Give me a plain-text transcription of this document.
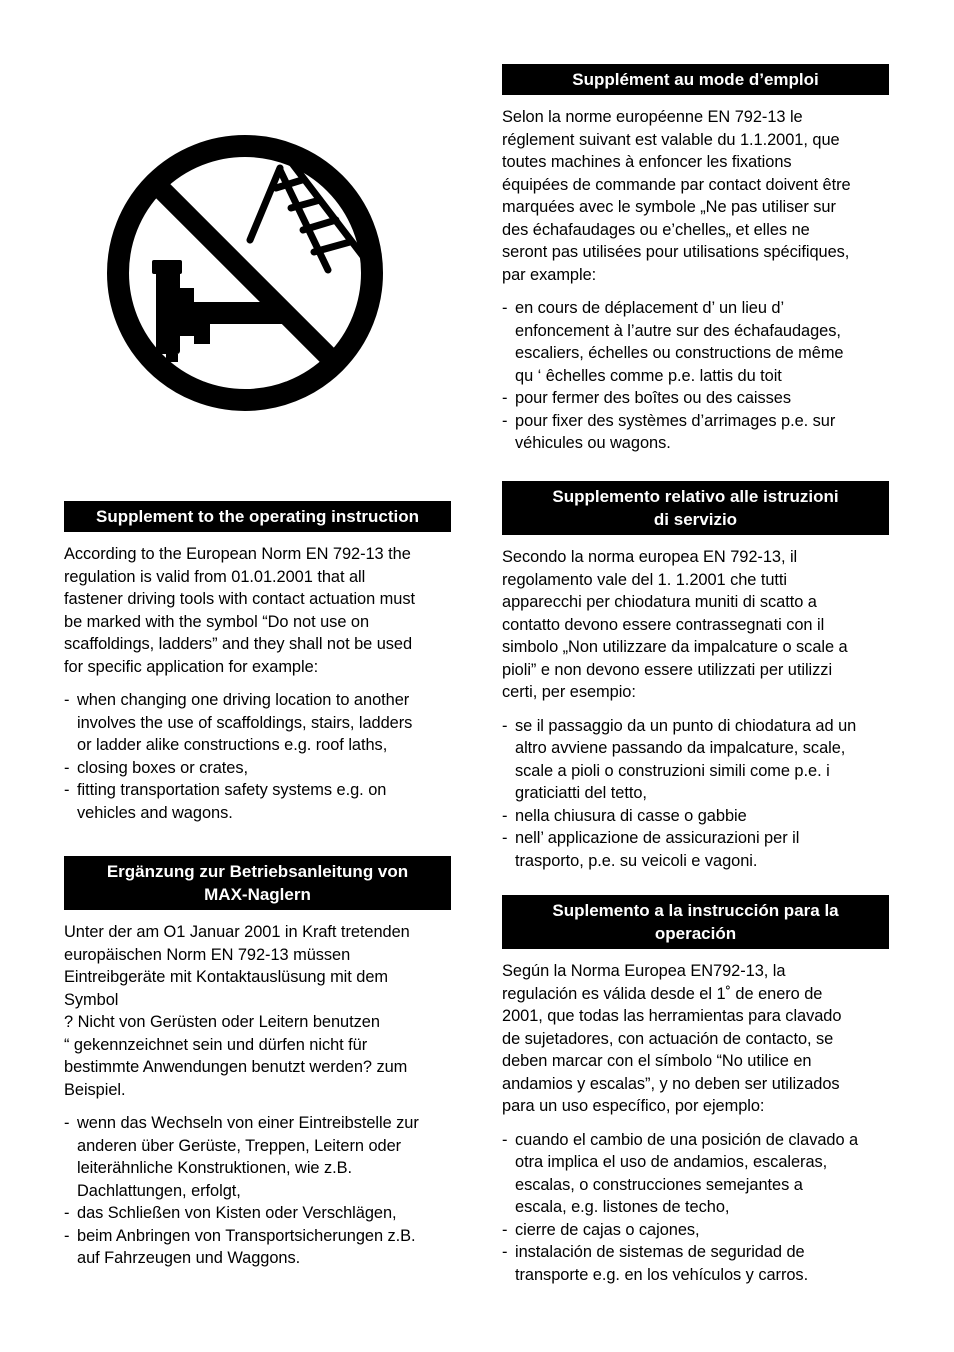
Supplement to the operating instruction

According to the European Norm EN 792-13 the
regulation is valid from 01.01.2001 that all
fastener driving tools with contact actuation must
be marked with the symbol “Do not use on
scaffoldings, ladders” and they shall not be used
for specific application for example:

- when changing one driving location to another
involves the use of scaffoldings, stairs, ladders
or ladder alike constructions e.g. roof laths,
- closing boxes or crates,
- fitting transportation safety systems e.g. on
vehicles and wagons.
Ergänzung zur Betriebsanleitung von
MAX-Naglern

Unter der am O1 Januar 2001 in Kraft tretenden
europäischen Norm EN 792-13 müssen
Eintreibgeräte mit Kontaktauslüsung mit dem
Symbol
? Nicht von Gerüsten oder Leitern benutzen
“ gekennzeichnet sein und dürfen nicht für
bestimmte Anwendungen benutzt werden? zum
Beispiel.

- wenn das Wechseln von einer Eintreibstelle zur
anderen über Gerüste, Treppen, Leitern oder
leiterähnliche Konstruktionen, wie z.B.
Dachlattungen, erfolgt,
- das Schließen von Kisten oder Verschlägen,
- beim Anbringen von Transportsicherungen z.B.
auf Fahrzeugen und Waggons.
Supplément au mode d’emploi

Selon la norme européenne EN 792-13 le
réglement suivant est valable du 1.1.2001, que
toutes machines à enfoncer les fixations
équipées de commande par contact doivent être
marquées avec le symbole „Ne pas utiliser sur
des échafaudages ou e’chelles„ et elles ne
seront pas utilisées pour utilisations spécifiques,
par example:

- en cours de déplacement d’ un lieu d’
enfoncement à l’autre sur des échafaudages,
escaliers, échelles ou constructions de même
qu ‘ êchelles comme p.e. lattis du toit
- pour fermer des boîtes ou des caisses
- pour fixer des systèmes d’arrimages p.e. sur
véhicules ou wagons.
Supplemento relativo alle istruzioni
di servizio

Secondo la norma europea EN 792-13, il
regolamento vale del 1. 1.2001 che tutti
apparecchi per chiodatura muniti di scatto a
contatto devono essere contrassegnati con il
simbolo „Non utilizzare da impalcature o scale a
pioli” e non devono essere utilizzati per utilizzi
certi, per esempio:

- se il passaggio da un punto di chiodatura ad un
altro avviene passando da impalcature, scale,
scale a pioli o construzioni simili come p.e. i
graticiatti del tetto,
- nella chiusura di casse o gabbie
- nell’ applicazione de assicurazioni per il
trasporto, p.e. su veicoli e vagoni.
Suplemento a la instrucción para la
operación

Según la Norma Europea EN792-13, la
regulación es válida desde el 1˚ de enero de
2001, que todas las herramientas para clavado
de sujetadores, con actuación de contacto, se
deben marcar con el símbolo “No utilice en
andamios y escalas”, y no deben ser utilizados
para un uso específico, por ejemplo:

- cuando el cambio de una posición de clavado a
otra implica el uso de andamios, escaleras,
escalas, o construcciones semejantes a
escala, e.g. listones de techo,
- cierre de cajas o cajones,
- instalación de sistemas de seguridad de
transporte e.g. en los vehículos y carros.
